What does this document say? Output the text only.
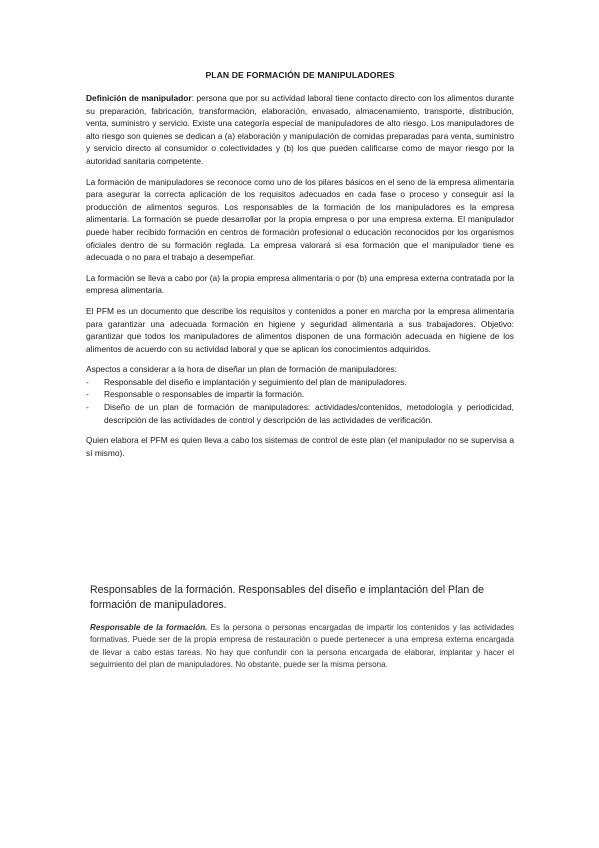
PLAN DE FORMACIÓN DE MANIPULADORES

Definición de manipulador: persona que por su actividad laboral tiene contacto directo con los alimentos durante su preparación, fabricación, transformación, elaboración, envasado, almacenamiento, transporte, distribución, venta, suministro y servicio. Existe una categoría especial de manipuladores de alto riesgo. Los manipuladores de alto riesgo son quienes se dedican a (a) elaboración y manipulación de comidas preparadas para venta, suministro y servicio directo al consumidor o colectividades y (b) los que pueden calificarse como de mayor riesgo por la autoridad sanitaria competente.

La formación de manipuladores se reconoce como uno de los pilares básicos en el seno de la empresa alimentaria para asegurar la correcta aplicación de los requisitos adecuados en cada fase o proceso y conseguir así la producción de alimentos seguros. Los responsables de la formación de los manipuladores es la empresa alimentaria. La formación se puede desarrollar por la propia empresa o por una empresa externa. El manipulador puede haber recibido formación en centros de formación profesional o educación reconocidos por los organismos oficiales dentro de su formación reglada. La empresa valorará si esa formación que el manipulador tiene es adecuada o no para el trabajo a desempeñar.

La formación se lleva a cabo por (a) la propia empresa alimentaria o por (b) una empresa externa contratada por la empresa alimentaria.

El PFM es un documento que describe los requisitos y contenidos a poner en marcha por la empresa alimentaria para garantizar una adecuada formación en higiene y seguridad alimentaria a sus trabajadores. Objetivo: garantizar que todos los manipuladores de alimentos disponen de una formación adecuada en higiene de los alimentos de acuerdo con su actividad laboral y que se aplican los conocimientos adquiridos.

Aspectos a considerar a la hora de diseñar un plan de formación de manipuladores:

- Responsable del diseño e implantación y seguimiento del plan de manipuladores.
- Responsable o responsables de impartir la formación.
- Diseño de un plan de formación de manipuladores: actividades/contenidos, metodología y periodicidad, descripción de las actividades de control y descripción de las actividades de verificación.

Quien elabora el PFM es quien lleva a cabo los sistemas de control de este plan (el manipulador no se supervisa a sí mismo).

Responsables de la formación. Responsables del diseño e implantación del Plan de formación de manipuladores.

Responsable de la formación. Es la persona o personas encargadas de impartir los contenidos y las actividades formativas. Puede ser de la propia empresa de restauración o puede pertenecer a una empresa externa encargada de llevar a cabo estas tareas. No hay que confundir con la persona encargada de elaborar, implantar y hacer el seguimiento del plan de manipuladores. No obstante, puede ser la misma persona.
